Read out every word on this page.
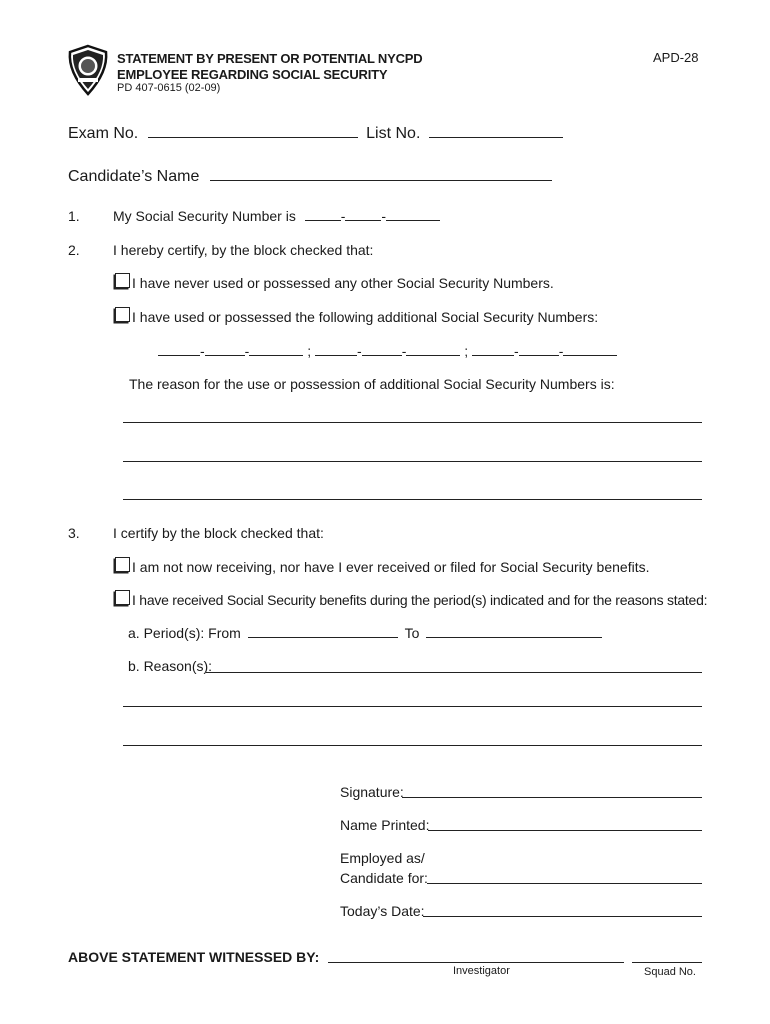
STATEMENT BY PRESENT OR POTENTIAL NYCPD
EMPLOYEE REGARDING SOCIAL SECURITY
PD 407-0615 (02-09)
APD-28
Exam No.	List No.
Candidate’s Name
1. My Social Security Number is	-	-
2. I hereby certify, by the block checked that:
I have never used or possessed any other Social Security Numbers.
I have used or possessed the following additional Social Security Numbers:
-	-	;	-	-	;	-	-
The reason for the use or possession of additional Social Security Numbers is:
3. I certify by the block checked that:
I am not now receiving, nor have I ever received or filed for Social Security benefits.
I have received Social Security benefits during the period(s) indicated and for the reasons stated:
a. Period(s): From	To
b. Reason(s):
Signature:
Name Printed:
Employed as/
Candidate for:
Today’s Date:
ABOVE STATEMENT WITNESSED BY:
Investigator	Squad No.
